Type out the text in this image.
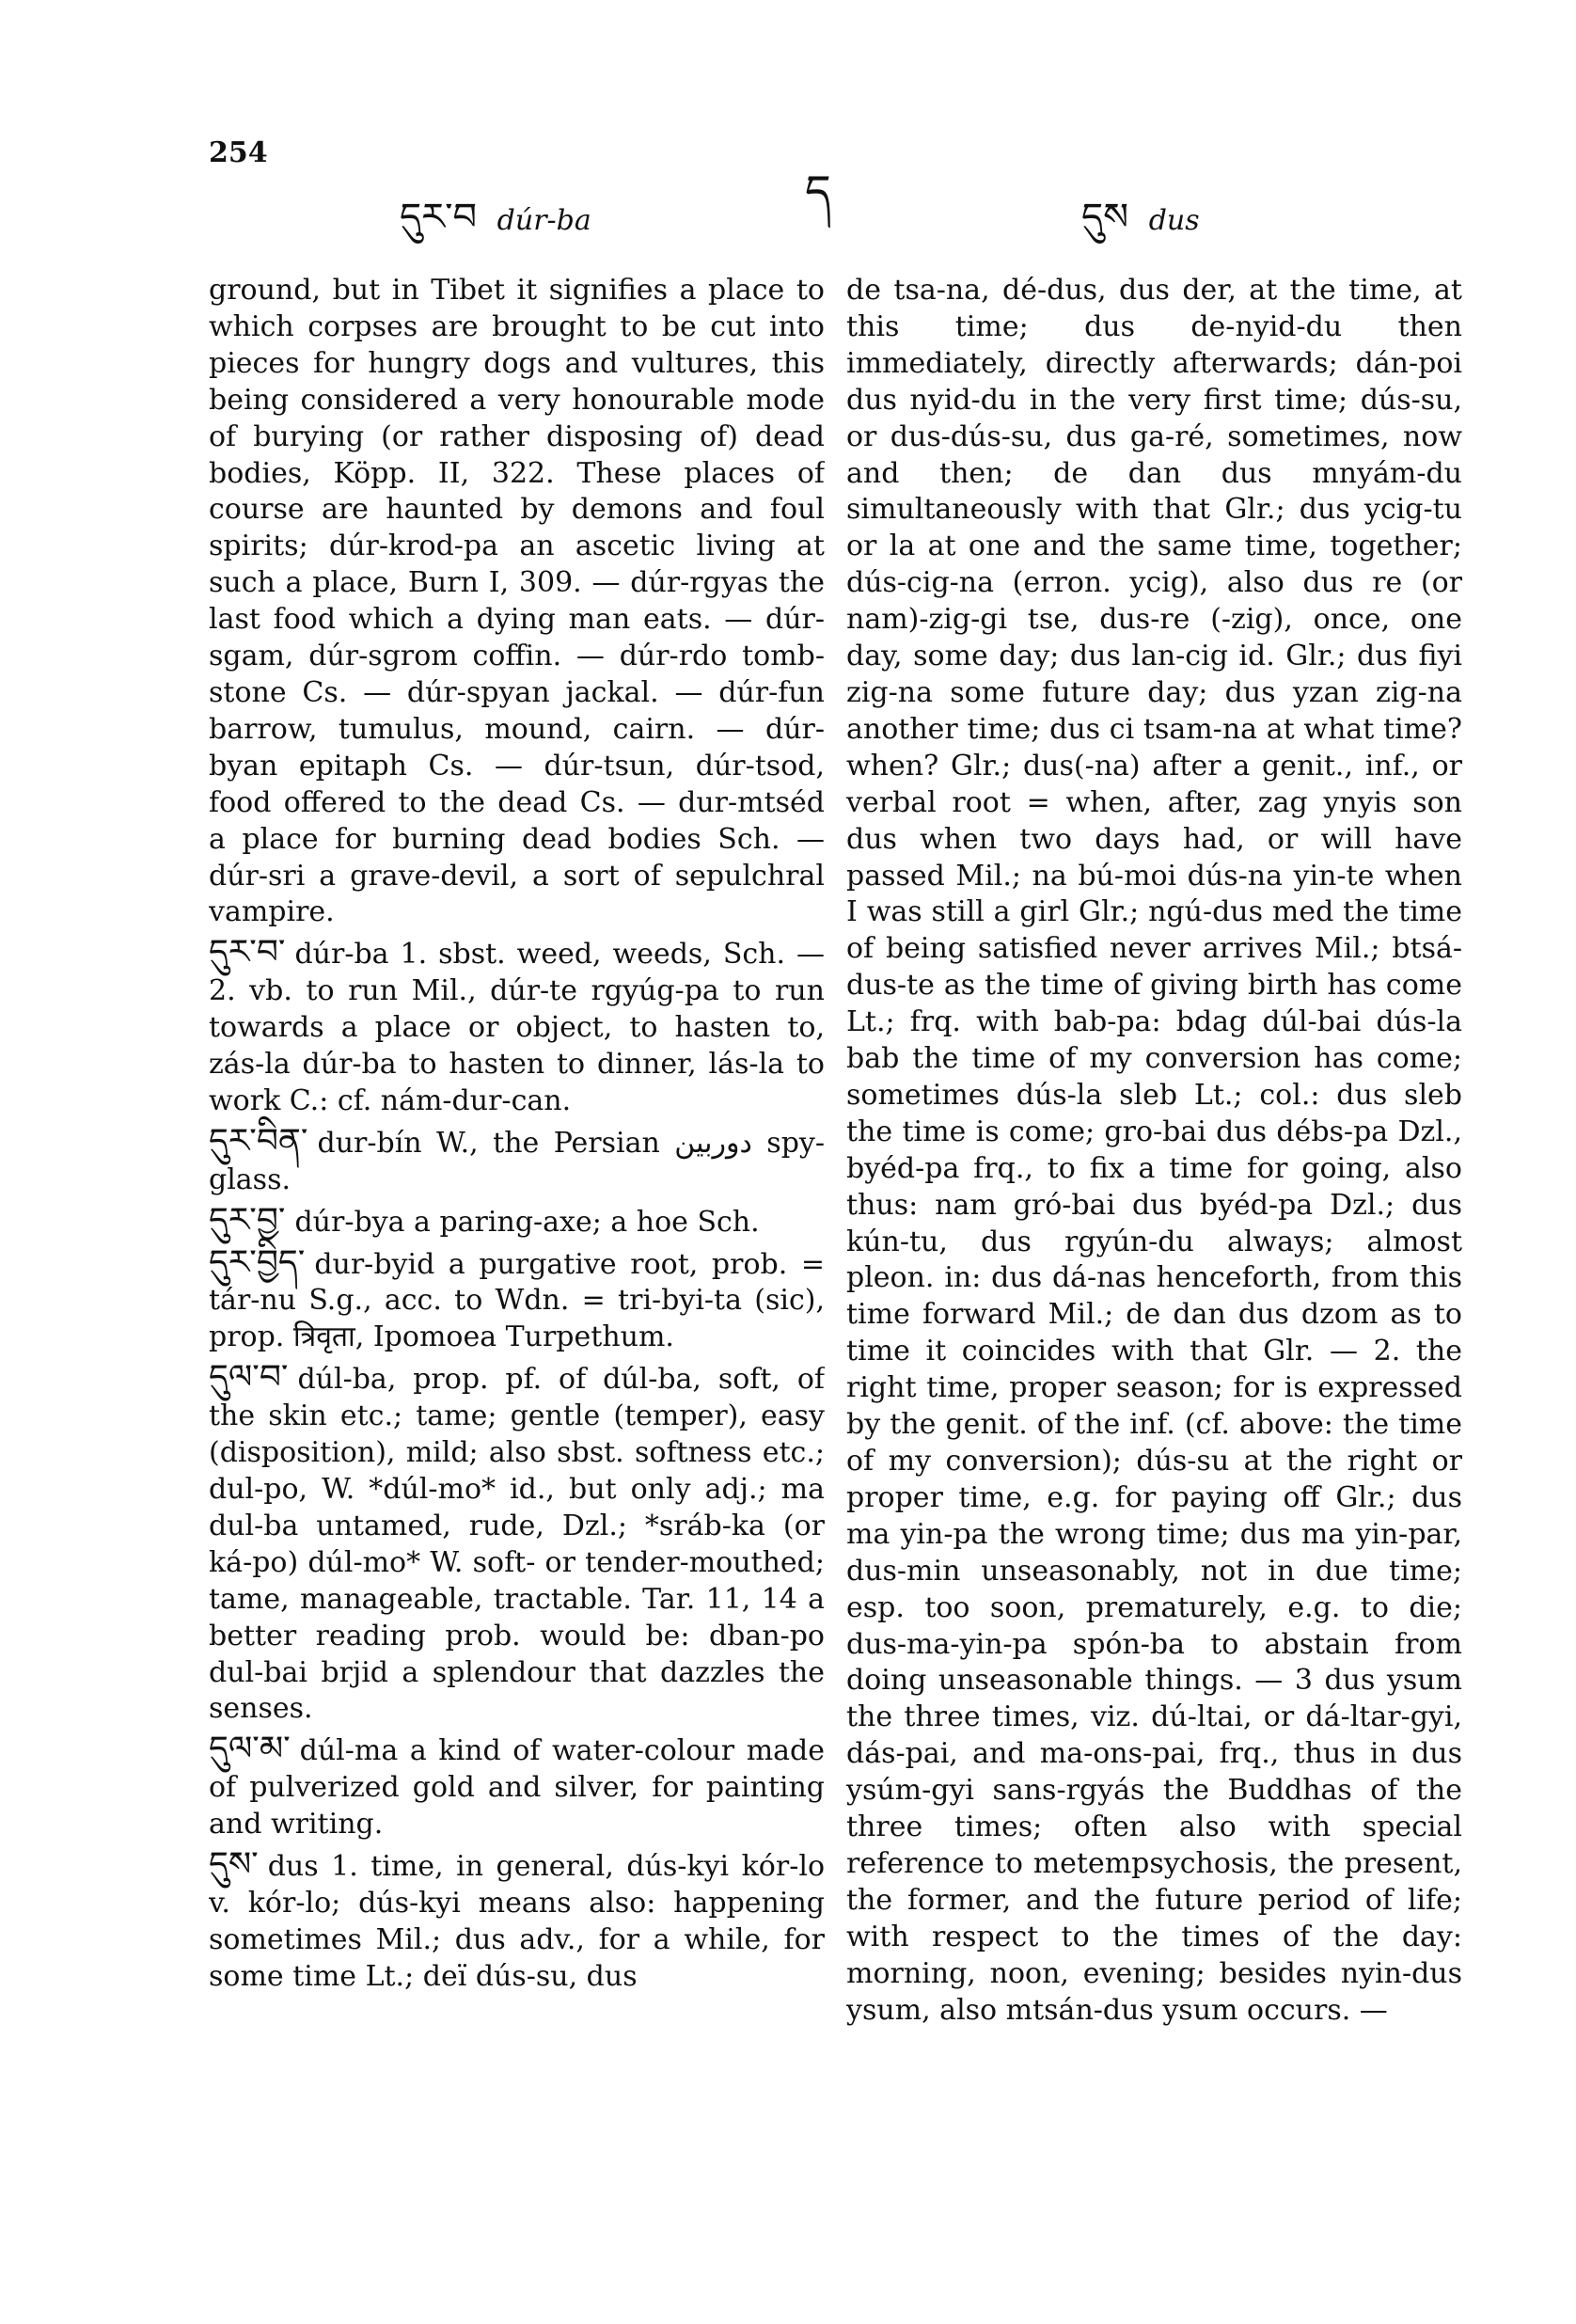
254
ད
དུར་བ dúr-ba	དུས dus

ground, but in Tibet it signifies a place to which corpses are brought to be cut into pieces for hungry dogs and vultures, this being considered a very honourable mode of burying (or rather disposing of) dead bodies, Köpp. II, 322. These places of course are haunted by demons and foul spirits; dúr-krod-pa an ascetic living at such a place, Burn I, 309. — dúr-rgyas the last food which a dying man eats. — dúr-sgam, dúr-sgrom coffin. — dúr-rdo tomb-stone Cs. — dúr-spyan jackal. — dúr-fun barrow, tumulus, mound, cairn. — dúr-byan epitaph Cs. — dúr-tsun, dúr-tsod, food offered to the dead Cs. — dur-mtséd a place for burning dead bodies Sch. — dúr-sri a grave-devil, a sort of sepulchral vampire.

དུར་བ་ dúr-ba 1. sbst. weed, weeds, Sch. — 2. vb. to run Mil., dúr-te rgyúg-pa to run towards a place or object, to hasten to, zás-la dúr-ba to hasten to dinner, lás-la to work C.: cf. nám-dur-can.

དུར་བིན་ dur-bín W., the Persian دوربين spy-glass.

དུར་བྱ་ dúr-bya a paring-axe; a hoe Sch.

དུར་བྱིད་ dur-byid a purgative root, prob. = tár-nu S.g., acc. to Wdn. = tri-byi-ta (sic), prop. त्रिवृता, Ipomoea Turpethum.

དུལ་བ་ dúl-ba, prop. pf. of dúl-ba, soft, of the skin etc.; tame; gentle (temper), easy (disposition), mild; also sbst. softness etc.; dul-po, W. *dúl-mo* id., but only adj.; ma dul-ba untamed, rude, Dzl.; *sráb-ka (or ká-po) dúl-mo* W. soft- or tender-mouthed; tame, manageable, tractable. Tar. 11, 14 a better reading prob. would be: dban-po dul-bai brjid a splendour that dazzles the senses.

དུལ་མ་ dúl-ma a kind of water-colour made of pulverized gold and silver, for painting and writing.

དུས་ dus 1. time, in general, dús-kyi kór-lo v. kór-lo; dús-kyi means also: happening sometimes Mil.; dus adv., for a while, for some time Lt.; deï dús-su, dus

de tsa-na, dé-dus, dus der, at the time, at this time; dus de-nyid-du then immediately, directly afterwards; dán-poi dus nyid-du in the very first time; dús-su, or dus-dús-su, dus ga-ré, sometimes, now and then; de dan dus mnyám-du simultaneously with that Glr.; dus ycig-tu or la at one and the same time, together; dús-cig-na (erron. ycig), also dus re (or nam)-zig-gi tse, dus-re (-zig), once, one day, some day; dus lan-cig id. Glr.; dus fiyi zig-na some future day; dus yzan zig-na another time; dus ci tsam-na at what time? when? Glr.; dus(-na) after a genit., inf., or verbal root = when, after, zag ynyis son dus when two days had, or will have passed Mil.; na bú-moi dús-na yin-te when I was still a girl Glr.; ngú-dus med the time of being satisfied never arrives Mil.; btsá-dus-te as the time of giving birth has come Lt.; frq. with bab-pa: bdag dúl-bai dús-la bab the time of my conversion has come; sometimes dús-la sleb Lt.; col.: dus sleb the time is come; gro-bai dus débs-pa Dzl., byéd-pa frq., to fix a time for going, also thus: nam gró-bai dus byéd-pa Dzl.; dus kún-tu, dus rgyún-du always; almost pleon. in: dus dá-nas henceforth, from this time forward Mil.; de dan dus dzom as to time it coincides with that Glr. — 2. the right time, proper season; for is expressed by the genit. of the inf. (cf. above: the time of my conversion); dús-su at the right or proper time, e.g. for paying off Glr.; dus ma yin-pa the wrong time; dus ma yin-par, dus-min unseasonably, not in due time; esp. too soon, prematurely, e.g. to die; dus-ma-yin-pa spón-ba to abstain from doing unseasonable things. — 3 dus ysum the three times, viz. dú-ltai, or dá-ltar-gyi, dás-pai, and ma-ons-pai, frq., thus in dus ysúm-gyi sans-rgyás the Buddhas of the three times; often also with special reference to metempsychosis, the present, the former, and the future period of life; with respect to the times of the day: morning, noon, evening; besides nyin-dus ysum, also mtsán-dus ysum occurs. —
